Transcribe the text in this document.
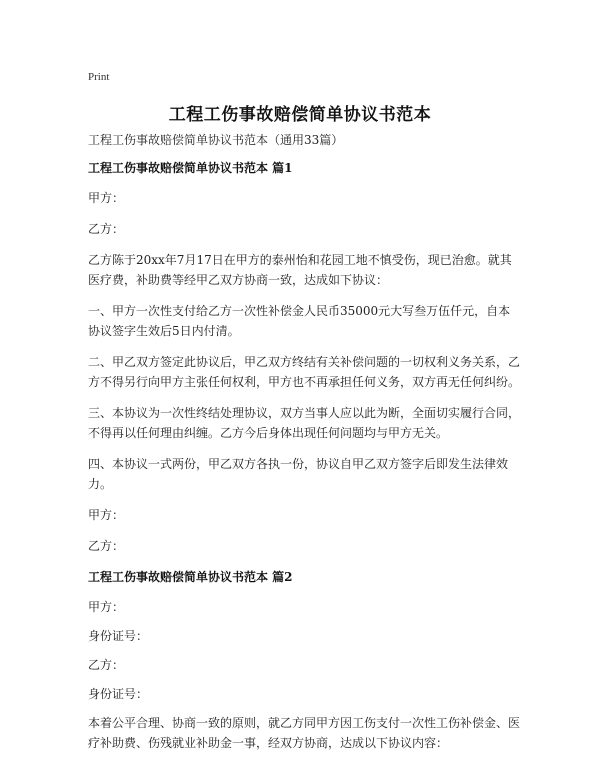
Print
工程工伤事故赔偿简单协议书范本
工程工伤事故赔偿简单协议书范本（通用33篇）
工程工伤事故赔偿简单协议书范本 篇1
甲方：
乙方：
乙方陈于20xx年7月17日在甲方的泰州怡和花园工地不慎受伤，现已治愈。就其医疗费，补助费等经甲乙双方协商一致，达成如下协议：
一、甲方一次性支付给乙方一次性补偿金人民币35000元大写叁万伍仟元，自本协议签字生效后5日内付清。
二、甲乙双方签定此协议后，甲乙双方终结有关补偿问题的一切权利义务关系，乙方不得另行向甲方主张任何权利，甲方也不再承担任何义务，双方再无任何纠纷。
三、本协议为一次性终结处理协议，双方当事人应以此为断，全面切实履行合同，不得再以任何理由纠缠。乙方今后身体出现任何问题均与甲方无关。
四、本协议一式两份，甲乙双方各执一份，协议自甲乙双方签字后即发生法律效力。
甲方：
乙方：
工程工伤事故赔偿简单协议书范本 篇2
甲方：
身份证号：
乙方：
身份证号：
本着公平合理、协商一致的原则，就乙方同甲方因工伤支付一次性工伤补偿金、医疗补助费、伤残就业补助金一事，经双方协商，达成以下协议内容：
